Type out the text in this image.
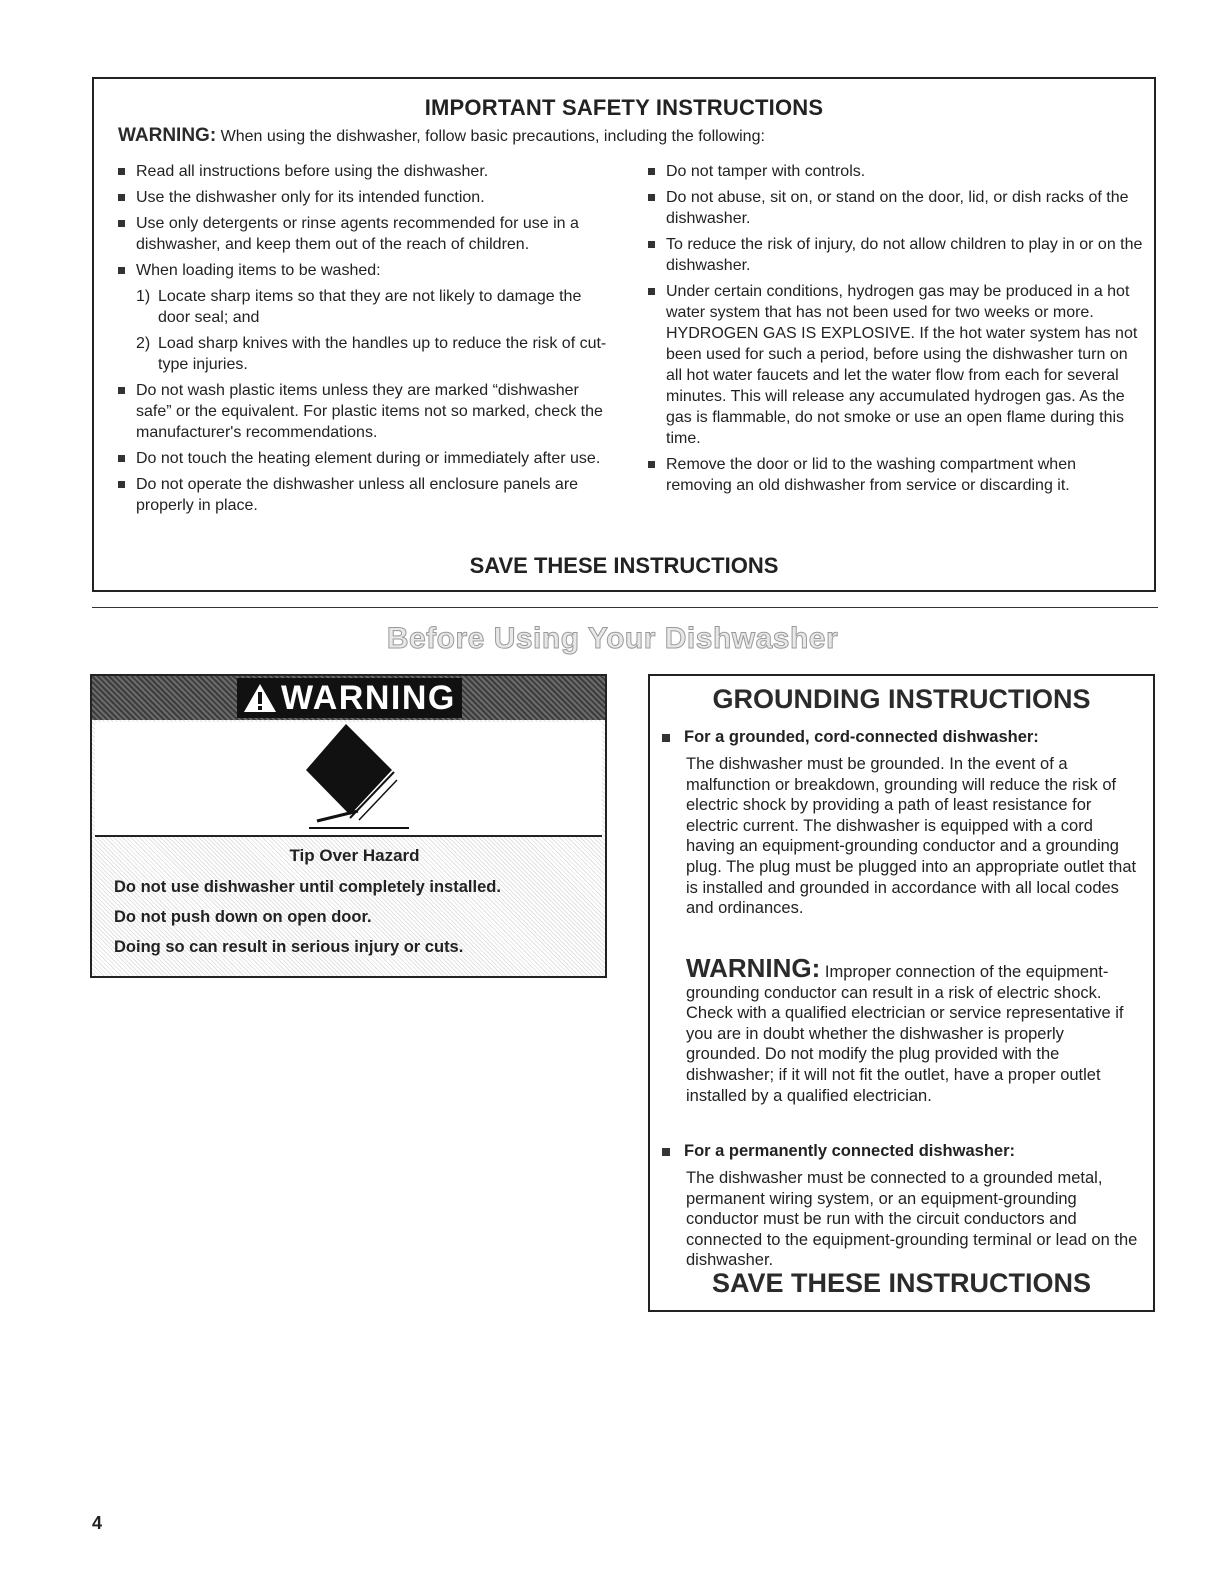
IMPORTANT SAFETY INSTRUCTIONS
WARNING: When using the dishwasher, follow basic precautions, including the following:
Read all instructions before using the dishwasher.
Use the dishwasher only for its intended function.
Use only detergents or rinse agents recommended for use in a dishwasher, and keep them out of the reach of children.
When loading items to be washed:
1) Locate sharp items so that they are not likely to damage the door seal; and
2) Load sharp knives with the handles up to reduce the risk of cut-type injuries.
Do not wash plastic items unless they are marked “dishwasher safe” or the equivalent. For plastic items not so marked, check the manufacturer's recommendations.
Do not touch the heating element during or immediately after use.
Do not operate the dishwasher unless all enclosure panels are properly in place.
Do not tamper with controls.
Do not abuse, sit on, or stand on the door, lid, or dish racks of the dishwasher.
To reduce the risk of injury, do not allow children to play in or on the dishwasher.
Under certain conditions, hydrogen gas may be produced in a hot water system that has not been used for two weeks or more. HYDROGEN GAS IS EXPLOSIVE. If the hot water system has not been used for such a period, before using the dishwasher turn on all hot water faucets and let the water flow from each for several minutes. This will release any accumulated hydrogen gas. As the gas is flammable, do not smoke or use an open flame during this time.
Remove the door or lid to the washing compartment when removing an old dishwasher from service or discarding it.
SAVE THESE INSTRUCTIONS
Before Using Your Dishwasher
WARNING
Tip Over Hazard
Do not use dishwasher until completely installed.
Do not push down on open door.
Doing so can result in serious injury or cuts.
GROUNDING INSTRUCTIONS
For a grounded, cord-connected dishwasher:
The dishwasher must be grounded. In the event of a malfunction or breakdown, grounding will reduce the risk of electric shock by providing a path of least resistance for electric current. The dishwasher is equipped with a cord having an equipment-grounding conductor and a grounding plug. The plug must be plugged into an appropriate outlet that is installed and grounded in accordance with all local codes and ordinances.
WARNING: Improper connection of the equipment-grounding conductor can result in a risk of electric shock. Check with a qualified electrician or service representative if you are in doubt whether the dishwasher is properly grounded. Do not modify the plug provided with the dishwasher; if it will not fit the outlet, have a proper outlet installed by a qualified electrician.
For a permanently connected dishwasher:
The dishwasher must be connected to a grounded metal, permanent wiring system, or an equipment-grounding conductor must be run with the circuit conductors and connected to the equipment-grounding terminal or lead on the dishwasher.
SAVE THESE INSTRUCTIONS
4
